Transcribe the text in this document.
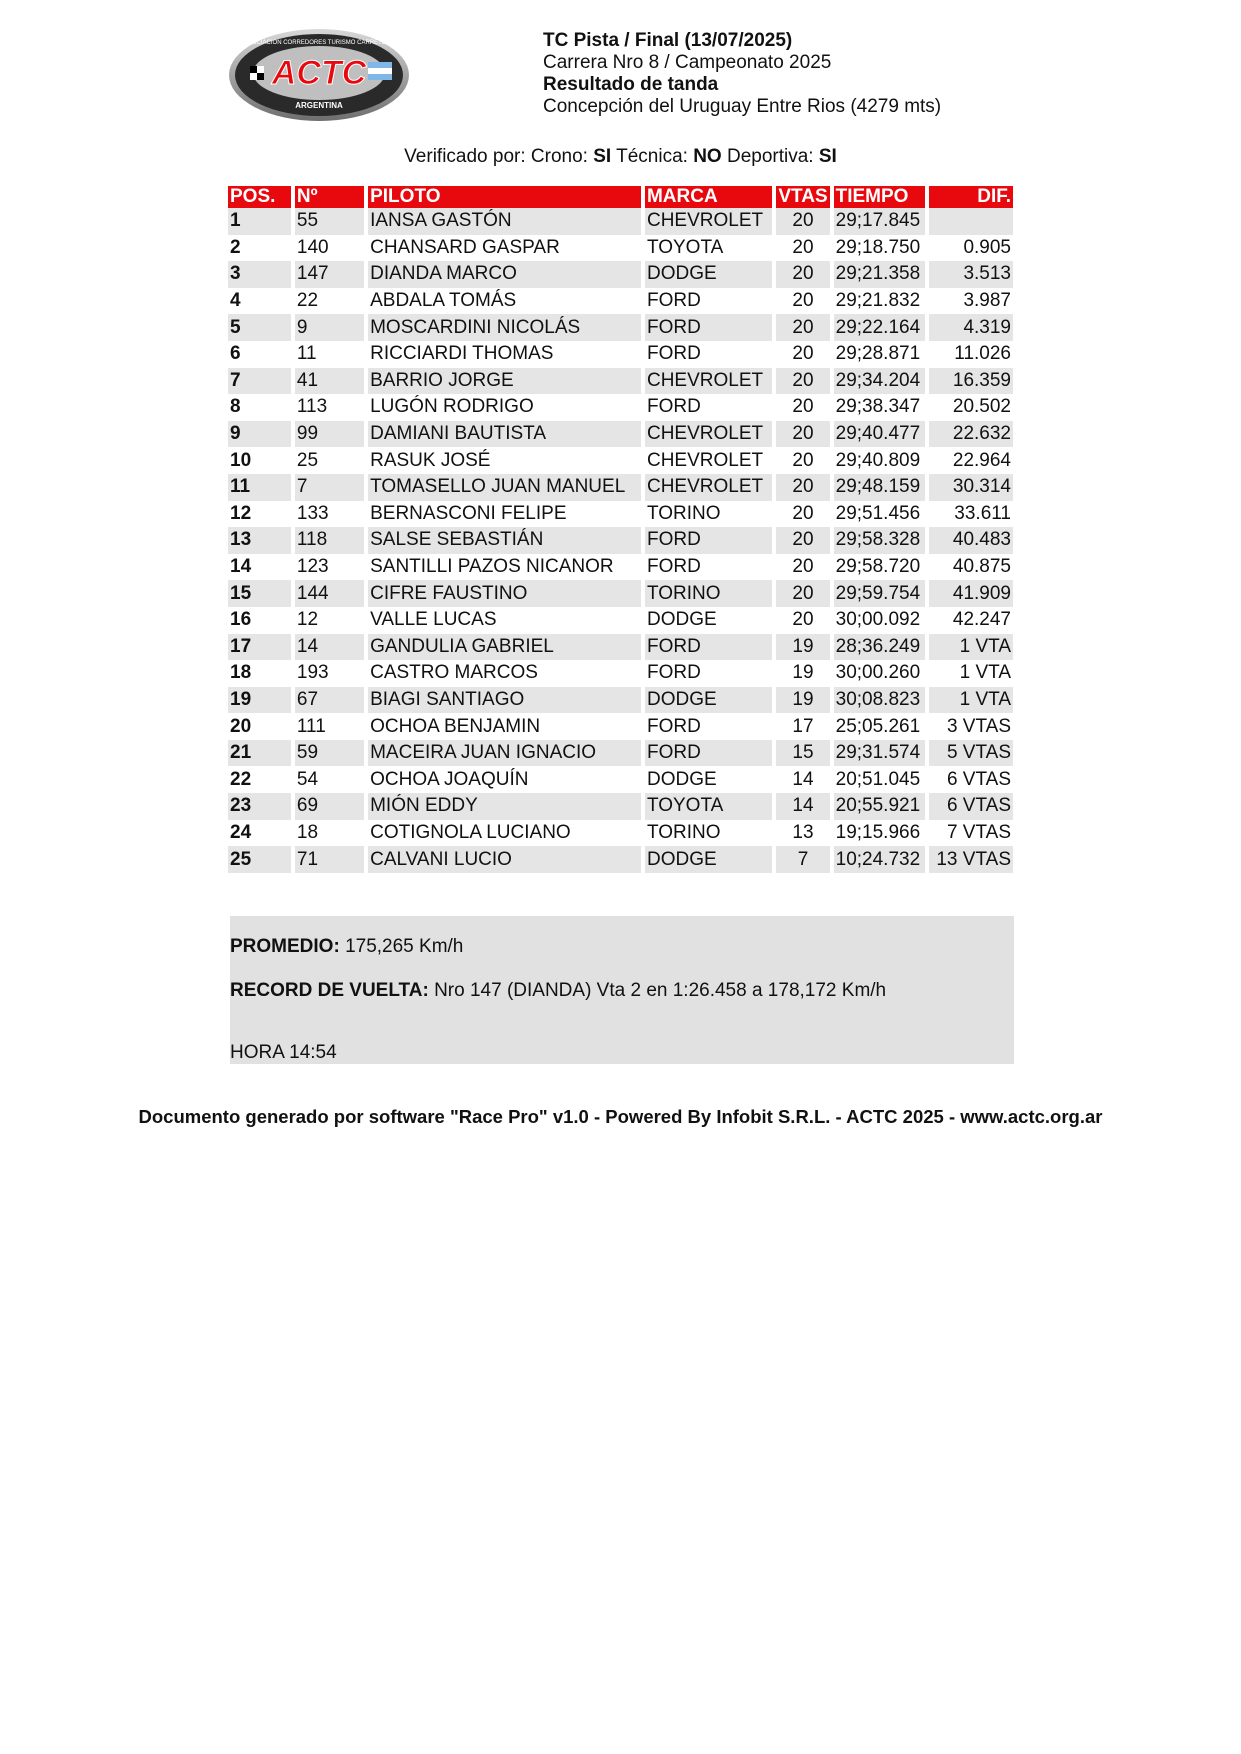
ACTC
ASOCIACION CORREDORES TURISMO CARRETERA
ARGENTINA
TC Pista / Final (13/07/2025)
Carrera Nro 8 / Campeonato 2025
Resultado de tanda
Concepción del Uruguay Entre Rios (4279 mts)
Verificado por: Crono: SI Técnica: NO Deportiva: SI
POS.	Nº	PILOTO	MARCA	VTAS	TIEMPO	DIF.
1	55	IANSA GASTÓN	CHEVROLET	20	29;17.845	
2	140	CHANSARD GASPAR	TOYOTA	20	29;18.750	0.905
3	147	DIANDA MARCO	DODGE	20	29;21.358	3.513
4	22	ABDALA TOMÁS	FORD	20	29;21.832	3.987
5	9	MOSCARDINI NICOLÁS	FORD	20	29;22.164	4.319
6	11	RICCIARDI THOMAS	FORD	20	29;28.871	11.026
7	41	BARRIO JORGE	CHEVROLET	20	29;34.204	16.359
8	113	LUGÓN RODRIGO	FORD	20	29;38.347	20.502
9	99	DAMIANI BAUTISTA	CHEVROLET	20	29;40.477	22.632
10	25	RASUK JOSÉ	CHEVROLET	20	29;40.809	22.964
11	7	TOMASELLO JUAN MANUEL	CHEVROLET	20	29;48.159	30.314
12	133	BERNASCONI FELIPE	TORINO	20	29;51.456	33.611
13	118	SALSE SEBASTIÁN	FORD	20	29;58.328	40.483
14	123	SANTILLI PAZOS NICANOR	FORD	20	29;58.720	40.875
15	144	CIFRE FAUSTINO	TORINO	20	29;59.754	41.909
16	12	VALLE LUCAS	DODGE	20	30;00.092	42.247
17	14	GANDULIA GABRIEL	FORD	19	28;36.249	1 VTA
18	193	CASTRO MARCOS	FORD	19	30;00.260	1 VTA
19	67	BIAGI SANTIAGO	DODGE	19	30;08.823	1 VTA
20	111	OCHOA BENJAMIN	FORD	17	25;05.261	3 VTAS
21	59	MACEIRA JUAN IGNACIO	FORD	15	29;31.574	5 VTAS
22	54	OCHOA JOAQUÍN	DODGE	14	20;51.045	6 VTAS
23	69	MIÓN EDDY	TOYOTA	14	20;55.921	6 VTAS
24	18	COTIGNOLA LUCIANO	TORINO	13	19;15.966	7 VTAS
25	71	CALVANI LUCIO	DODGE	7	10;24.732	13 VTAS
PROMEDIO: 175,265 Km/h
RECORD DE VUELTA: Nro 147 (DIANDA) Vta 2 en 1:26.458 a 178,172 Km/h
HORA 14:54
Documento generado por software "Race Pro" v1.0 - Powered By Infobit S.R.L. - ACTC 2025 - www.actc.org.ar
